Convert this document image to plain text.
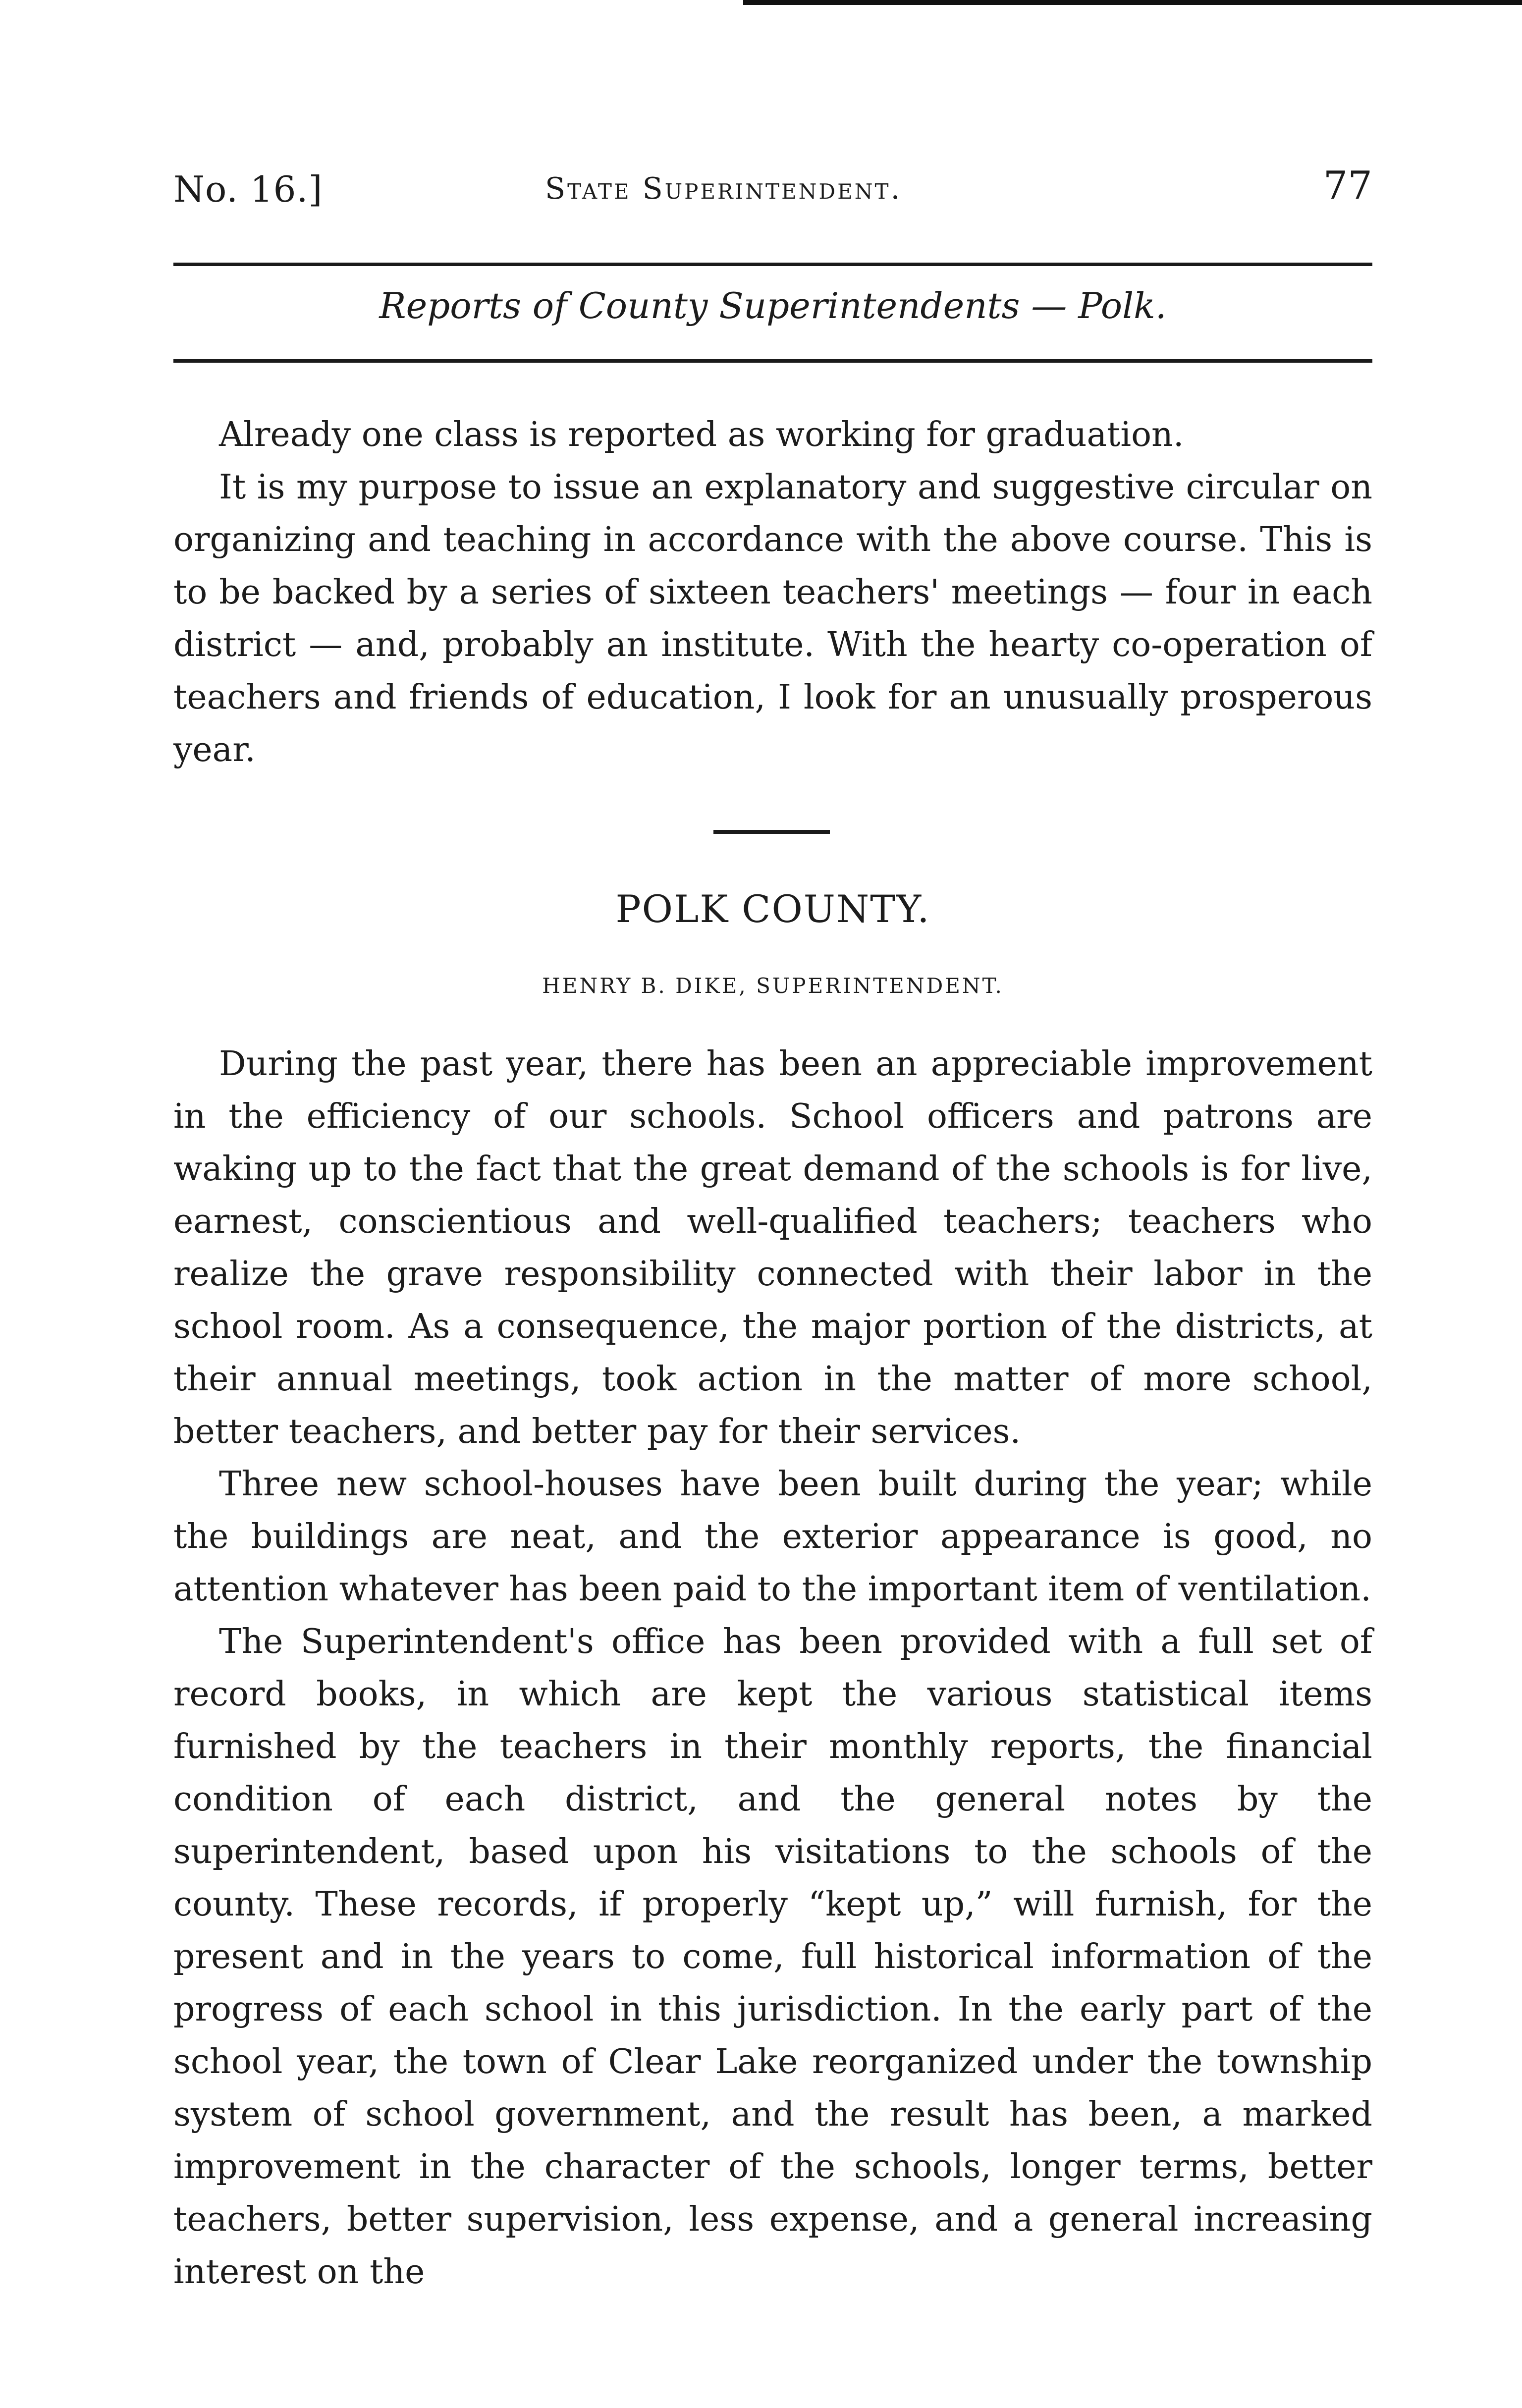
No. 16.]	State Superintendent.	77
Reports of County Superintendents — Polk.

Already one class is reported as working for graduation.

It is my purpose to issue an explanatory and suggestive circular on organizing and teaching in accordance with the above course. This is to be backed by a series of sixteen teachers' meetings — four in each district — and, probably an institute. With the hearty co-operation of teachers and friends of education, I look for an unusually prosperous year.

POLK COUNTY.
HENRY B. DIKE, SUPERINTENDENT.

During the past year, there has been an appreciable improvement in the efficiency of our schools. School officers and patrons are waking up to the fact that the great demand of the schools is for live, earnest, conscientious and well-qualified teachers; teachers who realize the grave responsibility connected with their labor in the school room. As a consequence, the major portion of the districts, at their annual meetings, took action in the matter of more school, better teachers, and better pay for their services.

Three new school-houses have been built during the year; while the buildings are neat, and the exterior appearance is good, no attention whatever has been paid to the important item of ventilation.

The Superintendent's office has been provided with a full set of record books, in which are kept the various statistical items furnished by the teachers in their monthly reports, the financial condition of each district, and the general notes by the superintendent, based upon his visitations to the schools of the county. These records, if properly “kept up,” will furnish, for the present and in the years to come, full historical information of the progress of each school in this jurisdiction. In the early part of the school year, the town of Clear Lake reorganized under the township system of school government, and the result has been, a marked improvement in the character of the schools, longer terms, better teachers, better supervision, less expense, and a general increasing interest on the
